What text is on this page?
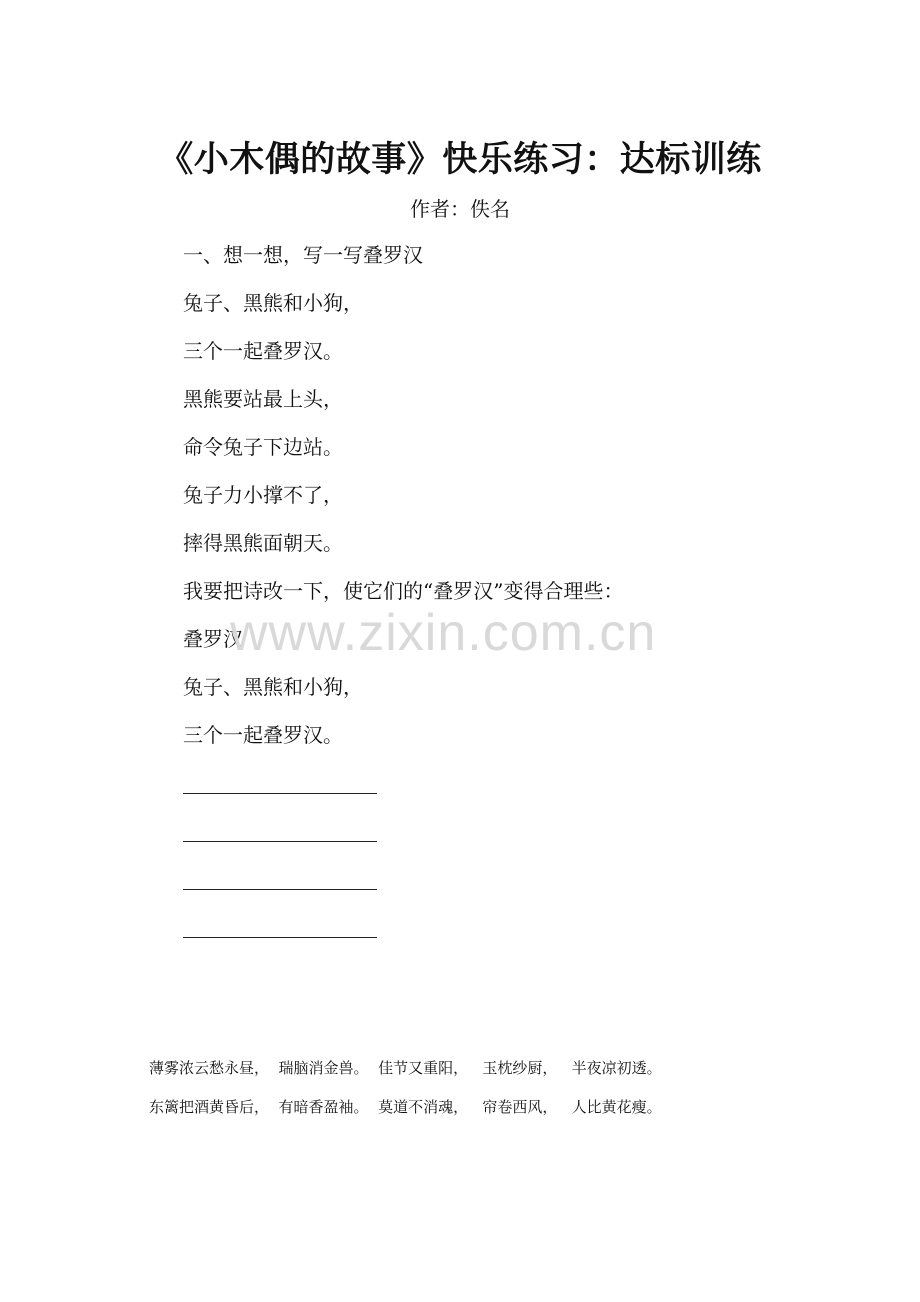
《小木偶的故事》快乐练习：达标训练
作者：佚名
一、想一想，写一写叠罗汉
兔子、黑熊和小狗，
三个一起叠罗汉。
黑熊要站最上头，
命令兔子下边站。
兔子力小撑不了，
摔得黑熊面朝天。
我要把诗改一下，使它们的“叠罗汉”变得合理些：
叠罗汉
兔子、黑熊和小狗，
三个一起叠罗汉。
www.zixin.com.cn
薄雾浓云愁永昼，  瑞脑消金兽。  佳节又重阳，   玉枕纱厨，   半夜凉初透。
东篱把酒黄昏后，  有暗香盈袖。  莫道不消魂，   帘卷西风，   人比黄花瘦。
